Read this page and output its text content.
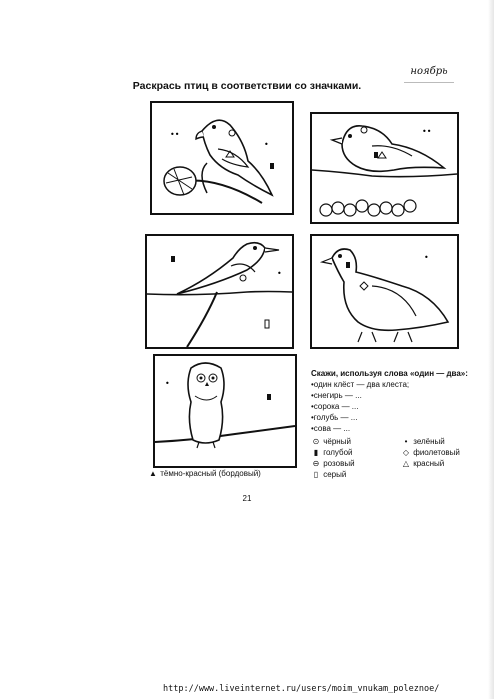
ноябрь
Раскрась птиц в соответствии со значками.
••
•
••
•
•
•
▲ тёмно-красный (бордовый)
Скажи, используя слова «один — два»:
•один клёст — два клеста;
•снегирь — ...
•сорока — ...
•голубь — ...
•сова — ...
⊙ чёрный	• зелёный
▮ голубой	◇ фиолетовый
⊖ розовый	△ красный
▯ серый
21
http://www.liveinternet.ru/users/moim_vnukam_poleznoe/
